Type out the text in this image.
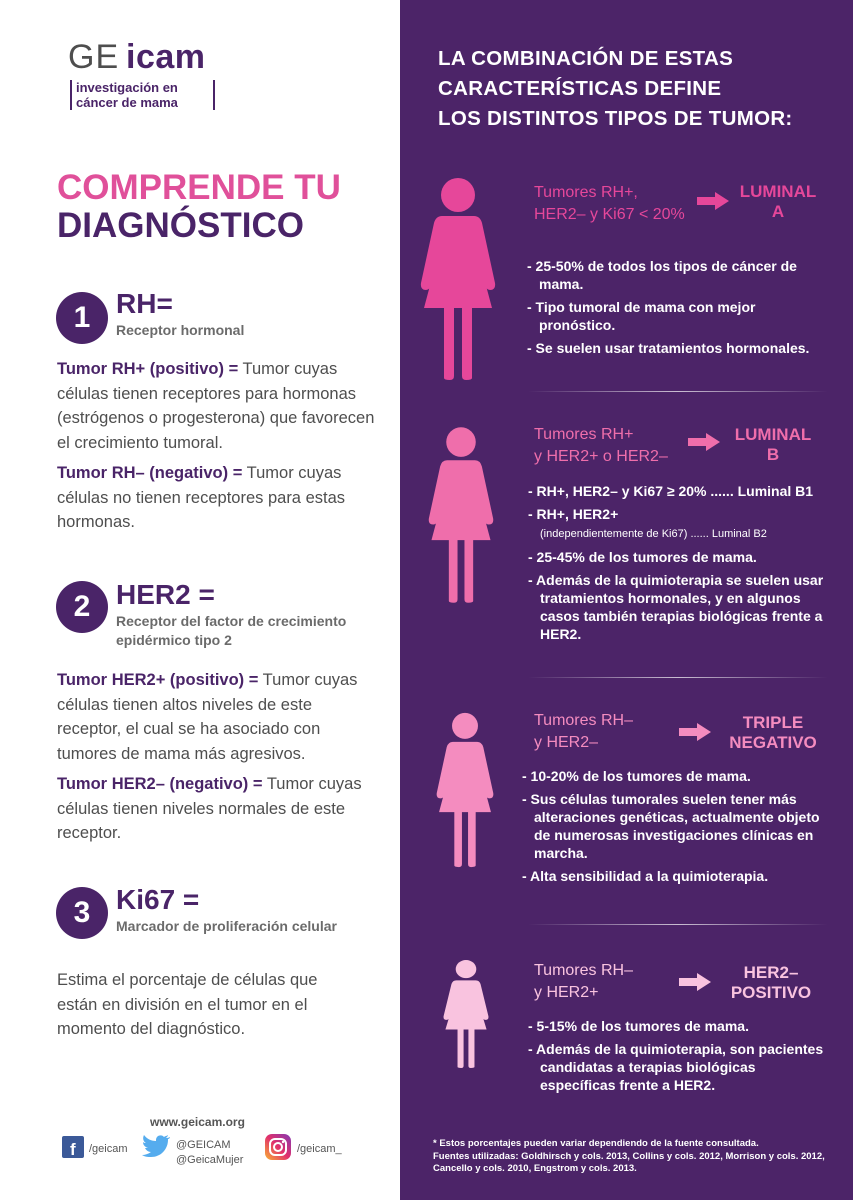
GE icam
investigación en
cáncer de mama
COMPRENDE TU
DIAGNÓSTICO
1 RH=
Receptor hormonal
Tumor RH+ (positivo) = Tumor cuyas células tienen receptores para hormonas (estrógenos o progesterona) que favorecen el crecimiento tumoral.
Tumor RH– (negativo) = Tumor cuyas células no tienen receptores para estas hormonas.
2 HER2 =
Receptor del factor de crecimiento epidérmico tipo 2
Tumor HER2+ (positivo) = Tumor cuyas células tienen altos niveles de este receptor, el cual se ha asociado con tumores de mama más agresivos.
Tumor HER2– (negativo) = Tumor cuyas células tienen niveles normales de este receptor.
3 Ki67 =
Marcador de proliferación celular
Estima el porcentaje de células que están en división en el tumor en el momento del diagnóstico.
www.geicam.org
f /geicam	@GEICAM
@GeicaMujer
/geicam_
LA COMBINACIÓN DE ESTAS
CARACTERÍSTICAS DEFINE
LOS DISTINTOS TIPOS DE TUMOR:
Tumores RH+,
HER2– y Ki67 < 20%
LUMINAL
A
- 25-50% de todos los tipos de cáncer de mama.
- Tipo tumoral de mama con mejor pronóstico.
- Se suelen usar tratamientos hormonales.
Tumores RH+
y HER2+ o HER2–
LUMINAL
B
- RH+, HER2– y Ki67 ≥ 20% ...... Luminal B1
- RH+, HER2+
(independientemente de Ki67) ...... Luminal B2
- 25-45% de los tumores de mama.
- Además de la quimioterapia se suelen usar tratamientos hormonales, y en algunos casos también terapias biológicas frente a HER2.
Tumores RH–
y HER2–
TRIPLE
NEGATIVO
- 10-20% de los tumores de mama.
- Sus células tumorales suelen tener más alteraciones genéticas, actualmente objeto de numerosas investigaciones clínicas en marcha.
- Alta sensibilidad a la quimioterapia.
Tumores RH–
y HER2+
HER2–
POSITIVO
- 5-15% de los tumores de mama.
- Además de la quimioterapia, son pacientes candidatas a terapias biológicas específicas frente a HER2.
* Estos porcentajes pueden variar dependiendo de la fuente consultada.
Fuentes utilizadas: Goldhirsch y cols. 2013, Collins y cols. 2012, Morrison y cols. 2012, Cancello y cols. 2010, Engstrom y cols. 2013.
